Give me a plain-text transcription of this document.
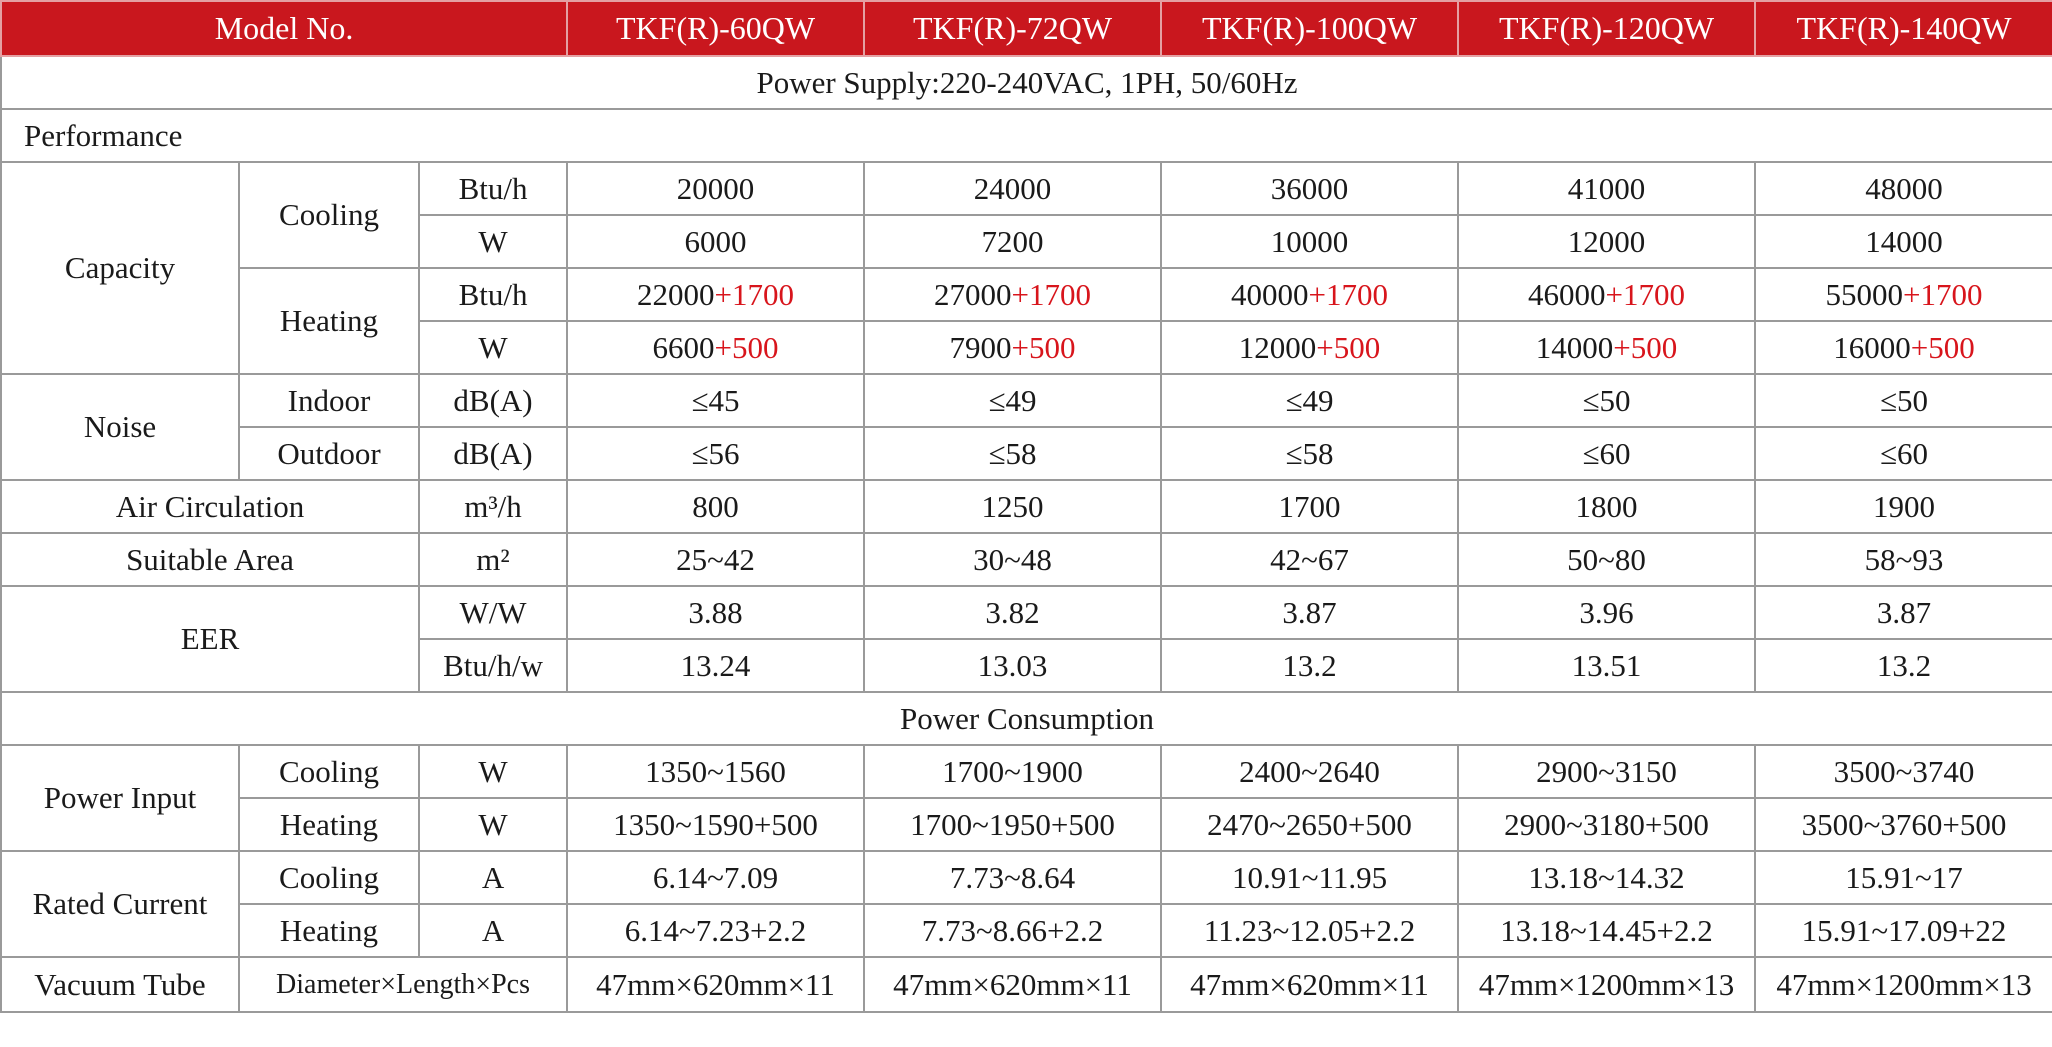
Model No.			TKF(R)-60QW	TKF(R)-72QW	TKF(R)-100QW	TKF(R)-120QW	TKF(R)-140QW
Power Supply:220-240VAC, 1PH, 50/60Hz							
Performance							
Capacity	Cooling	Btu/h	20000	24000	36000	41000	48000
		W	6000	7200	10000	12000	14000
	Heating	Btu/h	22000+1700	27000+1700	40000+1700	46000+1700	55000+1700
		W	6600+500	7900+500	12000+500	14000+500	16000+500
Noise	Indoor	dB(A)	≤45	≤49	≤49	≤50	≤50
	Outdoor	dB(A)	≤56	≤58	≤58	≤60	≤60
Air Circulation		m³/h	800	1250	1700	1800	1900
Suitable Area		m²	25~42	30~48	42~67	50~80	58~93
EER		W/W	3.88	3.82	3.87	3.96	3.87
		Btu/h/w	13.24	13.03	13.2	13.51	13.2
Power Consumption							
Power Input	Cooling	W	1350~1560	1700~1900	2400~2640	2900~3150	3500~3740
	Heating	W	1350~1590+500	1700~1950+500	2470~2650+500	2900~3180+500	3500~3760+500
Rated Current	Cooling	A	6.14~7.09	7.73~8.64	10.91~11.95	13.18~14.32	15.91~17
	Heating	A	6.14~7.23+2.2	7.73~8.66+2.2	11.23~12.05+2.2	13.18~14.45+2.2	15.91~17.09+22
Vacuum Tube	Diameter×Length×Pcs		47mm×620mm×11	47mm×620mm×11	47mm×620mm×11	47mm×1200mm×13	47mm×1200mm×13
